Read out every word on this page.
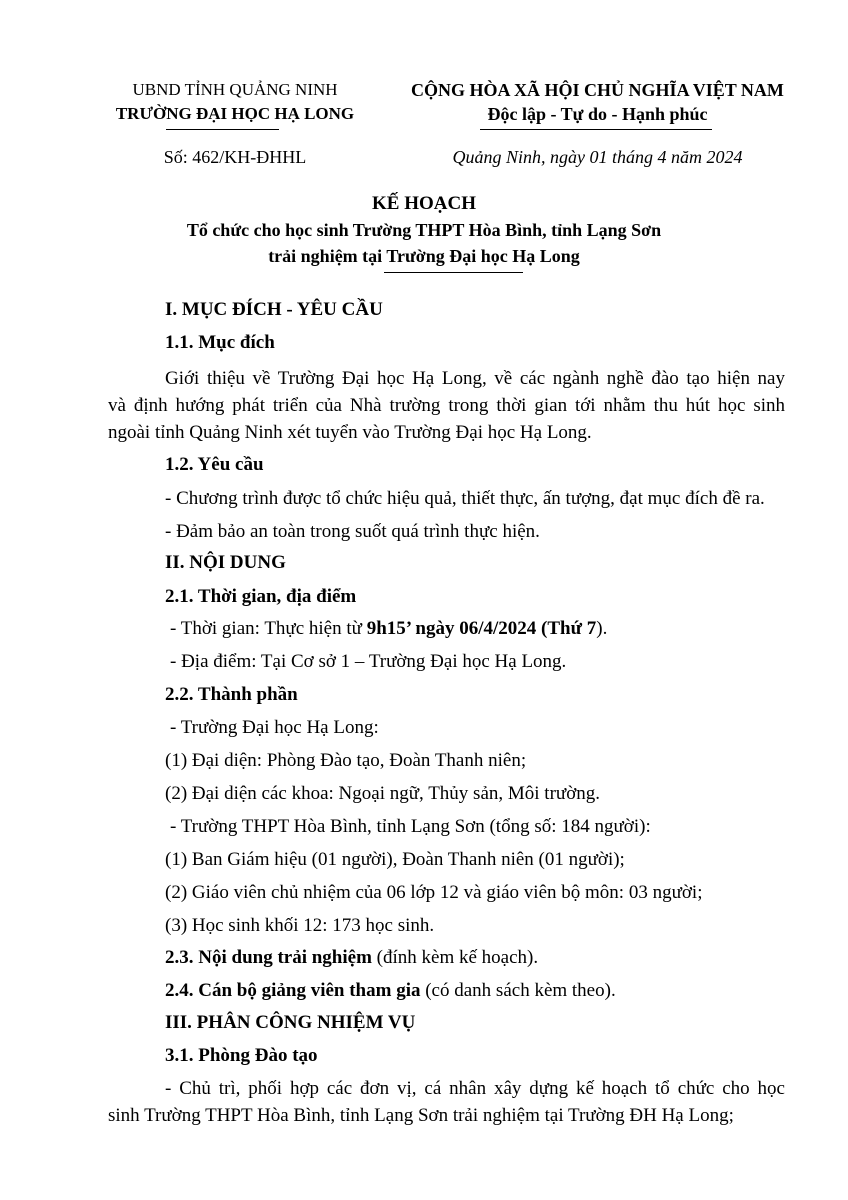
UBND TỈNH QUẢNG NINH
TRƯỜNG ĐẠI HỌC HẠ LONG
CỘNG HÒA XÃ HỘI CHỦ NGHĨA VIỆT NAM
Độc lập - Tự do - Hạnh phúc
Số: 462/KH-ĐHHL	Quảng Ninh, ngày 01 tháng 4 năm 2024
KẾ HOẠCH
Tổ chức cho học sinh Trường THPT Hòa Bình, tỉnh Lạng Sơn
trải nghiệm tại Trường Đại học Hạ Long
I. MỤC ĐÍCH - YÊU CẦU
1.1. Mục đích
Giới thiệu về Trường Đại học Hạ Long, về các ngành nghề đào tạo hiện nay
và định hướng phát triển của Nhà trường trong thời gian tới nhằm thu hút học sinh
ngoài tỉnh Quảng Ninh xét tuyển vào Trường Đại học Hạ Long.
1.2. Yêu cầu
- Chương trình được tổ chức hiệu quả, thiết thực, ấn tượng, đạt mục đích đề ra.
- Đảm bảo an toàn trong suốt quá trình thực hiện.
II. NỘI DUNG
2.1. Thời gian, địa điểm
- Thời gian: Thực hiện từ 9h15’ ngày 06/4/2024 (Thứ 7).
- Địa điểm: Tại Cơ sở 1 – Trường Đại học Hạ Long.
2.2. Thành phần
- Trường Đại học Hạ Long:
(1) Đại diện: Phòng Đào tạo, Đoàn Thanh niên;
(2) Đại diện các khoa: Ngoại ngữ, Thủy sản, Môi trường.
- Trường THPT Hòa Bình, tỉnh Lạng Sơn (tổng số: 184 người):
(1) Ban Giám hiệu (01 người), Đoàn Thanh niên (01 người);
(2) Giáo viên chủ nhiệm của 06 lớp 12 và giáo viên bộ môn: 03 người;
(3) Học sinh khối 12: 173 học sinh.
2.3. Nội dung trải nghiệm (đính kèm kế hoạch).
2.4. Cán bộ giảng viên tham gia (có danh sách kèm theo).
III. PHÂN CÔNG NHIỆM VỤ
3.1. Phòng Đào tạo
- Chủ trì, phối hợp các đơn vị, cá nhân xây dựng kế hoạch tổ chức cho học
sinh Trường THPT Hòa Bình, tỉnh Lạng Sơn trải nghiệm tại Trường ĐH Hạ Long;
